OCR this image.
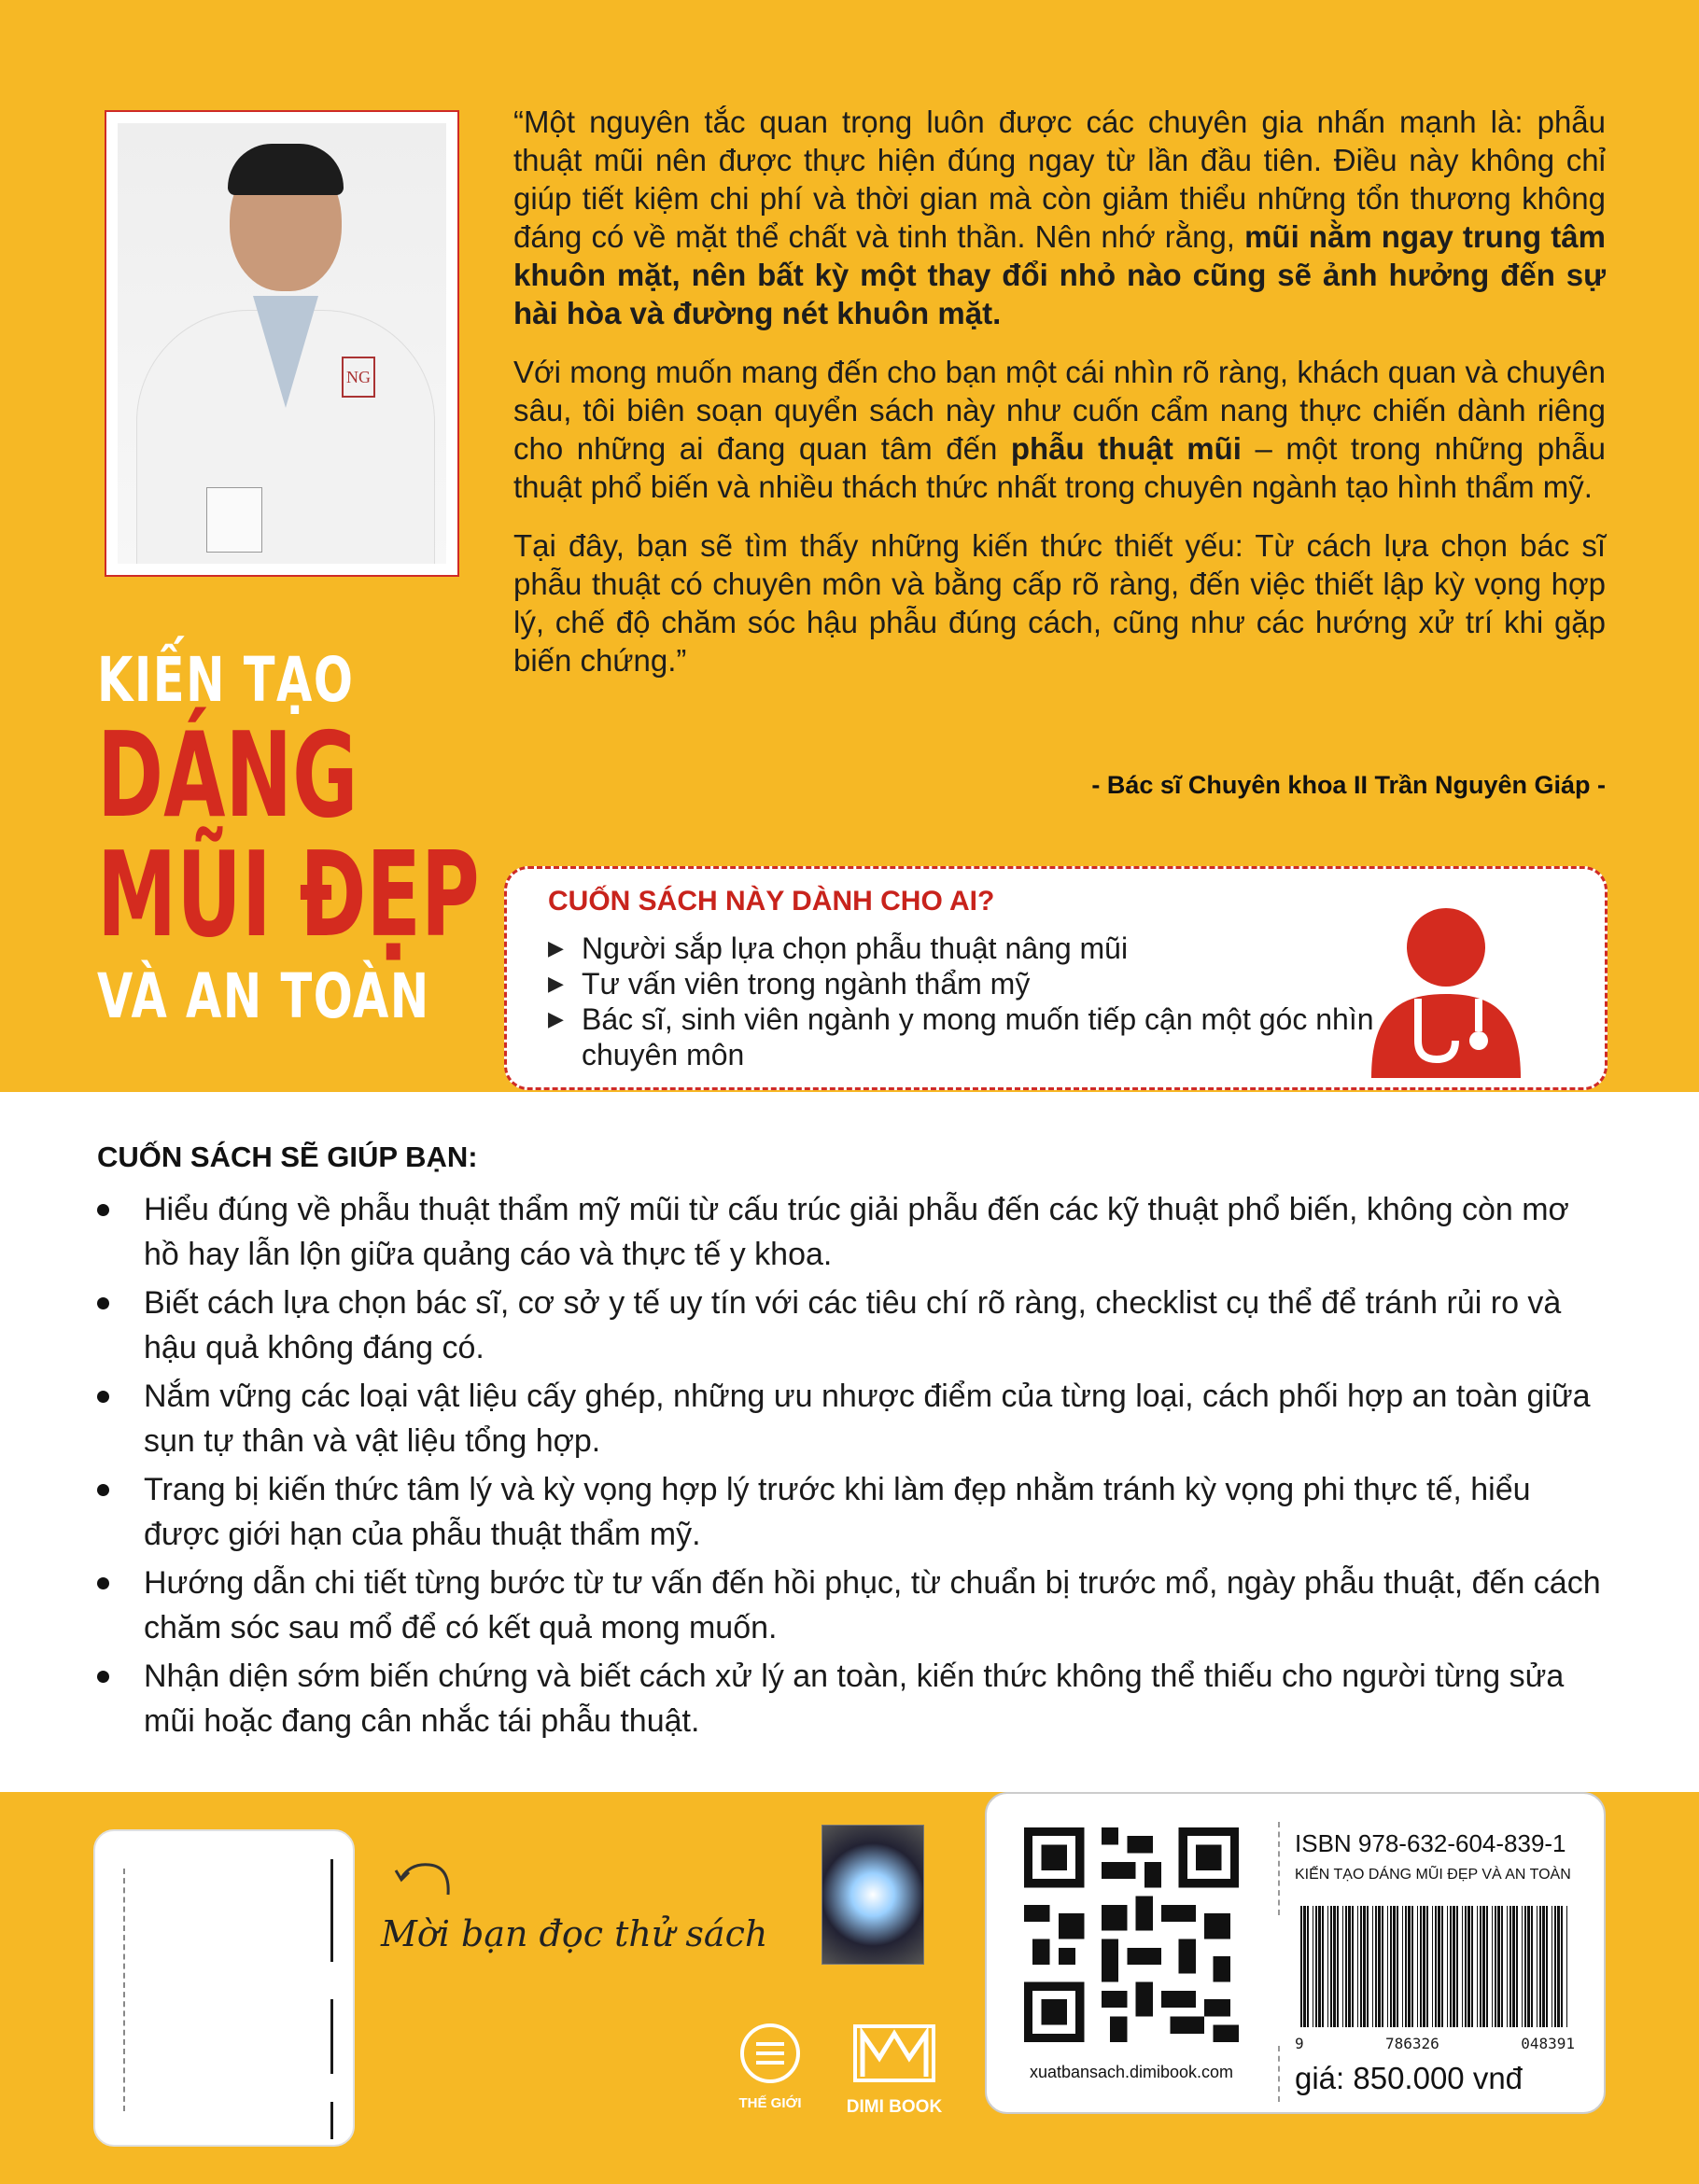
NG
KIẾN TẠO
DÁNG
MŨI ĐẸP
VÀ AN TOÀN

“Một nguyên tắc quan trọng luôn được các chuyên gia nhấn mạnh là: phẫu thuật mũi nên được thực hiện đúng ngay từ lần đầu tiên. Điều này không chỉ giúp tiết kiệm chi phí và thời gian mà còn giảm thiểu những tổn thương không đáng có về mặt thể chất và tinh thần. Nên nhớ rằng, mũi nằm ngay trung tâm khuôn mặt, nên bất kỳ một thay đổi nhỏ nào cũng sẽ ảnh hưởng đến sự hài hòa và đường nét khuôn mặt.

Với mong muốn mang đến cho bạn một cái nhìn rõ ràng, khách quan và chuyên sâu, tôi biên soạn quyển sách này như cuốn cẩm nang thực chiến dành riêng cho những ai đang quan tâm đến phẫu thuật mũi – một trong những phẫu thuật phổ biến và nhiều thách thức nhất trong chuyên ngành tạo hình thẩm mỹ.

Tại đây, bạn sẽ tìm thấy những kiến thức thiết yếu: Từ cách lựa chọn bác sĩ phẫu thuật có chuyên môn và bằng cấp rõ ràng, đến việc thiết lập kỳ vọng hợp lý, chế độ chăm sóc hậu phẫu đúng cách, cũng như các hướng xử trí khi gặp biến chứng.”

- Bác sĩ Chuyên khoa II Trần Nguyên Giáp -
CUỐN SÁCH NÀY DÀNH CHO AI?
▶ Người sắp lựa chọn phẫu thuật nâng mũi
▶ Tư vấn viên trong ngành thẩm mỹ
▶ Bác sĩ, sinh viên ngành y mong muốn tiếp cận một góc nhìn chuyên môn
CUỐN SÁCH SẼ GIÚP BẠN:
Hiểu đúng về phẫu thuật thẩm mỹ mũi từ cấu trúc giải phẫu đến các kỹ thuật phổ biến, không còn mơ hồ hay lẫn lộn giữa quảng cáo và thực tế y khoa.
Biết cách lựa chọn bác sĩ, cơ sở y tế uy tín với các tiêu chí rõ ràng, checklist cụ thể để tránh rủi ro và hậu quả không đáng có.
Nắm vững các loại vật liệu cấy ghép, những ưu nhược điểm của từng loại, cách phối hợp an toàn giữa sụn tự thân và vật liệu tổng hợp.
Trang bị kiến thức tâm lý và kỳ vọng hợp lý trước khi làm đẹp nhằm tránh kỳ vọng phi thực tế, hiểu được giới hạn của phẫu thuật thẩm mỹ.
Hướng dẫn chi tiết từng bước từ tư vấn đến hồi phục, từ chuẩn bị trước mổ, ngày phẫu thuật, đến cách chăm sóc sau mổ để có kết quả mong muốn.
Nhận diện sớm biến chứng và biết cách xử lý an toàn, kiến thức không thể thiếu cho người từng sửa mũi hoặc đang cân nhắc tái phẫu thuật.
Mời bạn đọc thử sách
THẾ GIỚI	DIMI BOOK
xuatbansach.dimibook.com
ISBN 978-632-604-839-1
KIẾN TẠO DÁNG MŨI ĐẸP VÀ AN TOÀN
9	786326	048391
giá: 850.000 vnđ
